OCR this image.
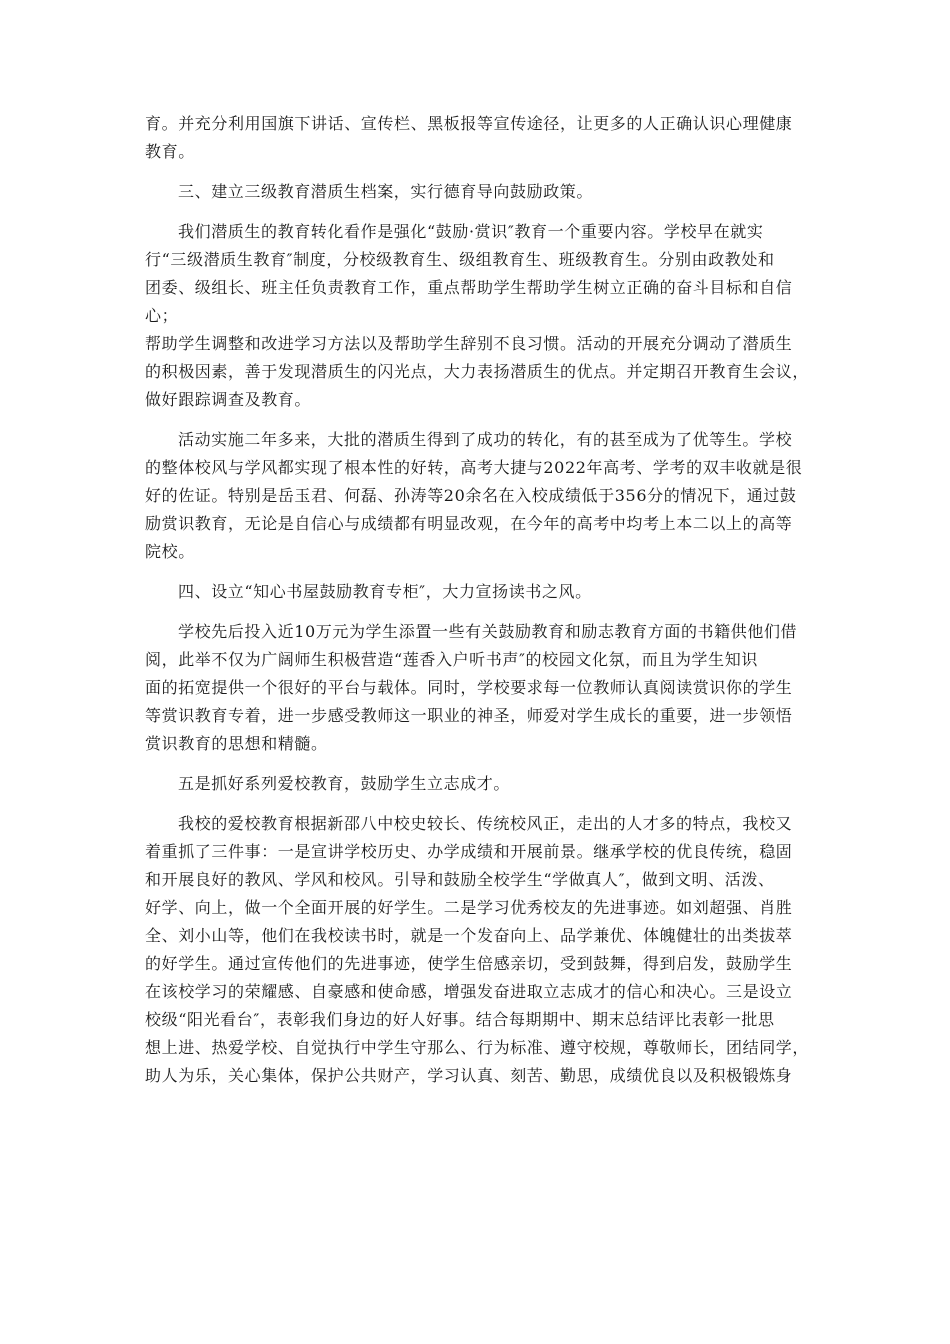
育。并充分利用国旗下讲话、宣传栏、黑板报等宣传途径，让更多的人正确认识心理健康
教育。
三、建立三级教育潜质生档案，实行德育导向鼓励政策。
我们潜质生的教育转化看作是强化“鼓励·赏识″教育一个重要内容。学校早在就实
行“三级潜质生教育″制度，分校级教育生、级组教育生、班级教育生。分别由政教处和
团委、级组长、班主任负责教育工作，重点帮助学生帮助学生树立正确的奋斗目标和自信
心；
帮助学生调整和改进学习方法以及帮助学生辞别不良习惯。活动的开展充分调动了潜质生
的积极因素，善于发现潜质生的闪光点，大力表扬潜质生的优点。并定期召开教育生会议，
做好跟踪调查及教育。
活动实施二年多来，大批的潜质生得到了成功的转化，有的甚至成为了优等生。学校
的整体校风与学风都实现了根本性的好转，高考大捷与2022年高考、学考的双丰收就是很
好的佐证。特别是岳玉君、何磊、孙涛等20余名在入校成绩低于356分的情况下，通过鼓
励赏识教育，无论是自信心与成绩都有明显改观，在今年的高考中均考上本二以上的高等
院校。
四、设立“知心书屋鼓励教育专柜″，大力宣扬读书之风。
学校先后投入近10万元为学生添置一些有关鼓励教育和励志教育方面的书籍供他们借
阅，此举不仅为广阔师生积极营造“莲香入户听书声″的校园文化氛，而且为学生知识
面的拓宽提供一个很好的平台与载体。同时，学校要求每一位教师认真阅读赏识你的学生
等赏识教育专着，进一步感受教师这一职业的神圣，师爱对学生成长的重要，进一步领悟
赏识教育的思想和精髓。
五是抓好系列爱校教育，鼓励学生立志成才。
我校的爱校教育根据新邵八中校史较长、传统校风正，走出的人才多的特点，我校又
着重抓了三件事：一是宣讲学校历史、办学成绩和开展前景。继承学校的优良传统，稳固
和开展良好的教风、学风和校风。引导和鼓励全校学生“学做真人″，做到文明、活泼、
好学、向上，做一个全面开展的好学生。二是学习优秀校友的先进事迹。如刘超强、肖胜
全、刘小山等，他们在我校读书时，就是一个发奋向上、品学兼优、体魄健壮的出类拔萃
的好学生。通过宣传他们的先进事迹，使学生倍感亲切，受到鼓舞，得到启发，鼓励学生
在该校学习的荣耀感、自豪感和使命感，增强发奋进取立志成才的信心和决心。三是设立
校级“阳光看台″，表彰我们身边的好人好事。结合每期期中、期末总结评比表彰一批思
想上进、热爱学校、自觉执行中学生守那么、行为标准、遵守校规，尊敬师长，团结同学，
助人为乐，关心集体，保护公共财产，学习认真、刻苦、勤思，成绩优良以及积极锻炼身
